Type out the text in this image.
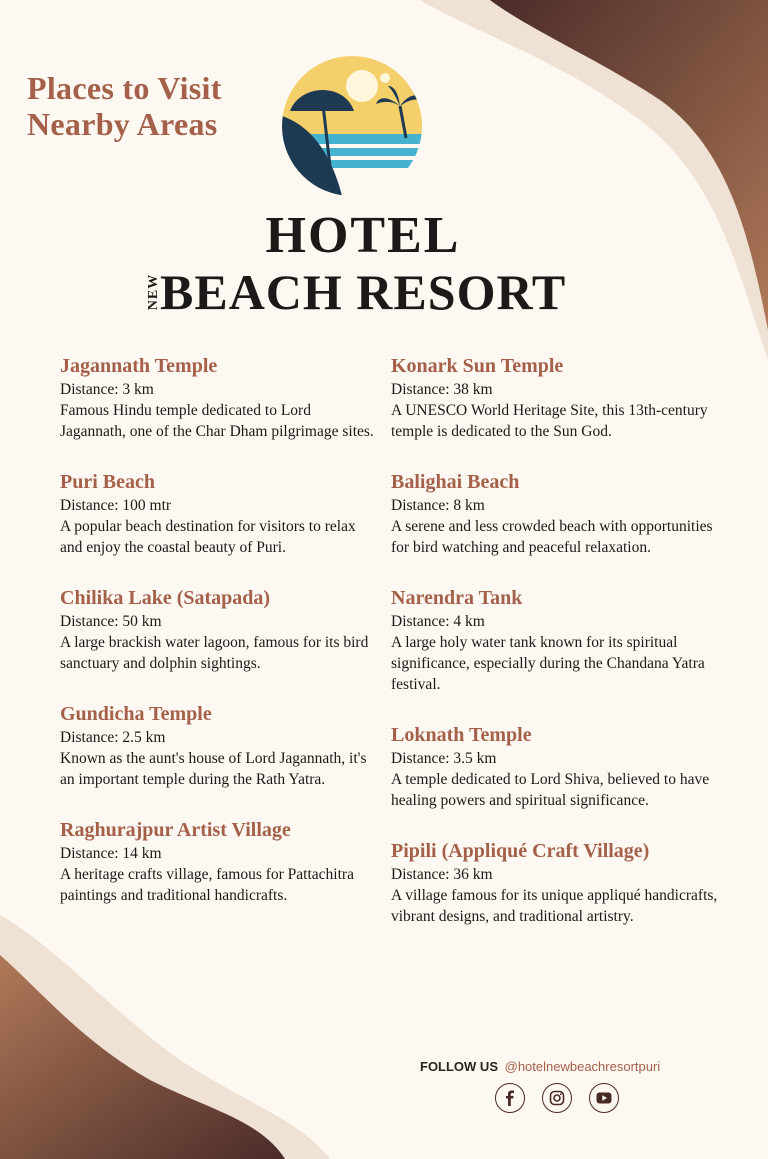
Places to Visit
Nearby Areas
HOTEL
NEW BEACH RESORT
Jagannath Temple
Distance: 3 km
Famous Hindu temple dedicated to Lord Jagannath, one of the Char Dham pilgrimage sites.
Puri Beach
Distance: 100 mtr
A popular beach destination for visitors to relax and enjoy the coastal beauty of Puri.
Chilika Lake (Satapada)
Distance: 50 km
A large brackish water lagoon, famous for its bird sanctuary and dolphin sightings.
Gundicha Temple
Distance: 2.5 km
Known as the aunt's house of Lord Jagannath, it's an important temple during the Rath Yatra.
Raghurajpur Artist Village
Distance: 14 km
A heritage crafts village, famous for Pattachitra paintings and traditional handicrafts.
Konark Sun Temple
Distance: 38 km
A UNESCO World Heritage Site, this 13th-century temple is dedicated to the Sun God.
Balighai Beach
Distance: 8 km
A serene and less crowded beach with opportunities for bird watching and peaceful relaxation.
Narendra Tank
Distance: 4 km
A large holy water tank known for its spiritual significance, especially during the Chandana Yatra festival.
Loknath Temple
Distance: 3.5 km
A temple dedicated to Lord Shiva, believed to have healing powers and spiritual significance.
Pipili (Appliqué Craft Village)
Distance: 36 km
A village famous for its unique appliqué handicrafts, vibrant designs, and traditional artistry.
FOLLOW US @hotelnewbeachresortpuri
